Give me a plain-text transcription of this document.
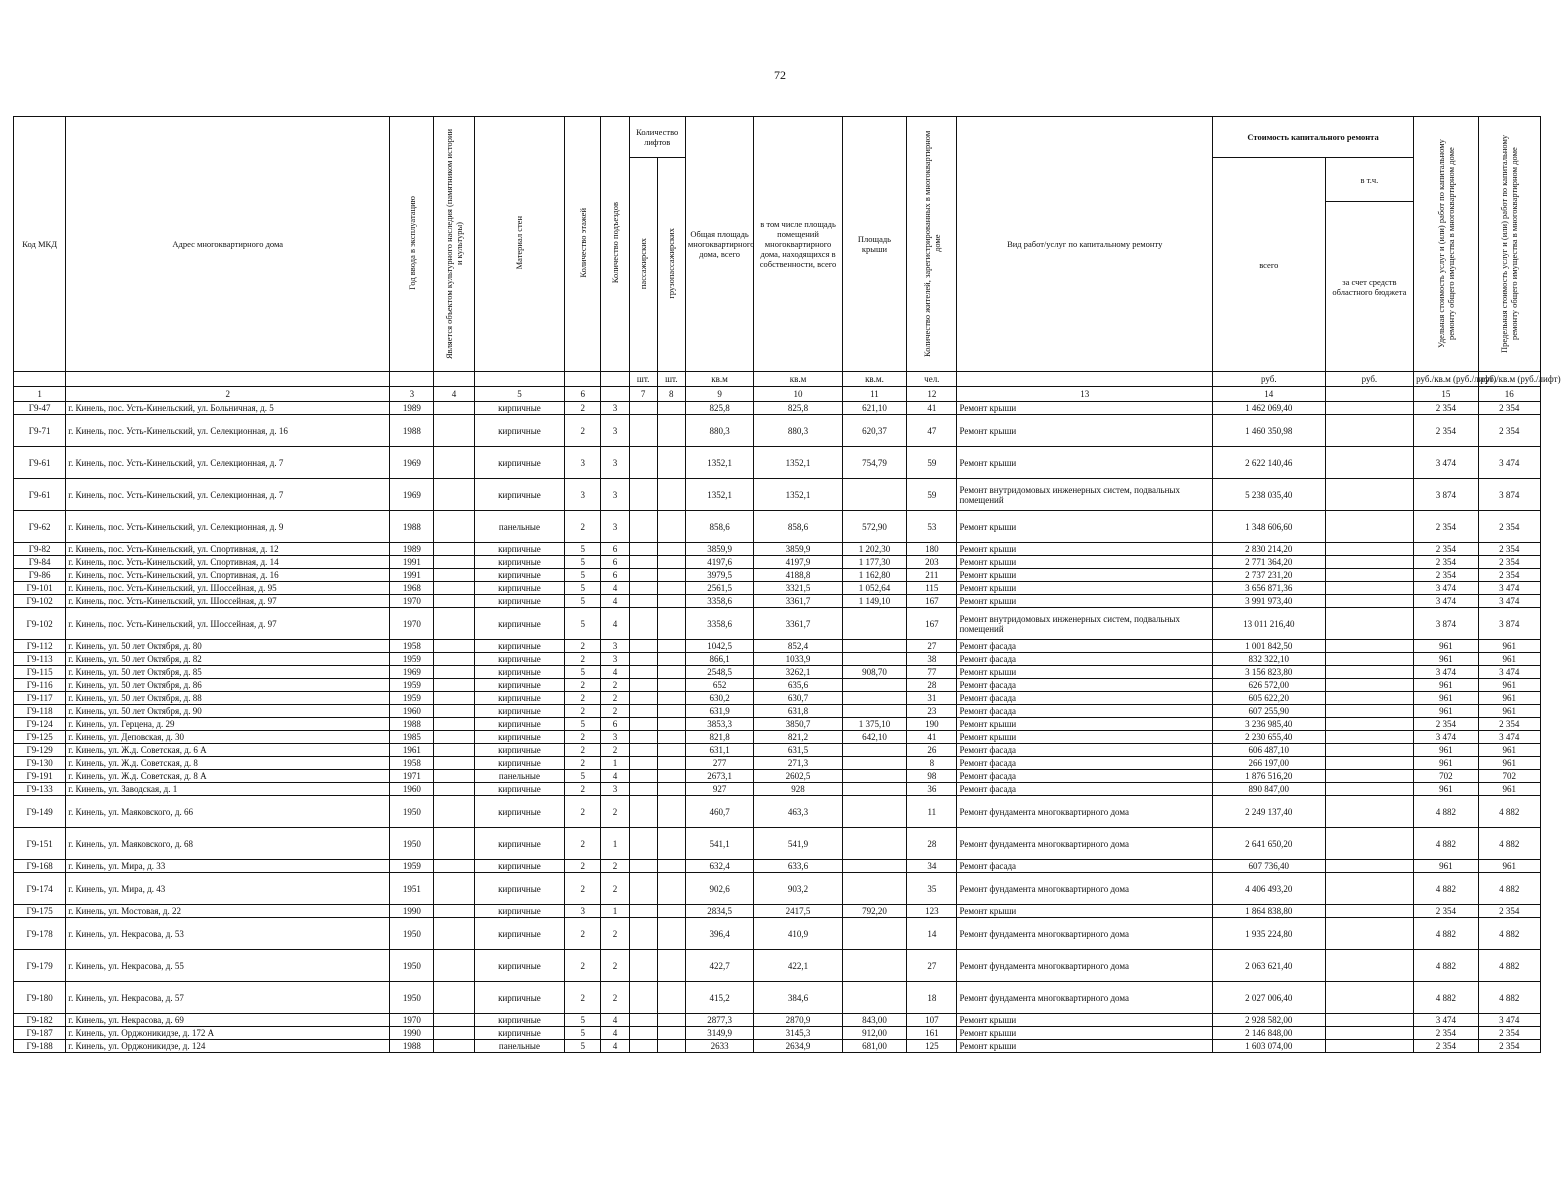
72
Код МКД	Адрес многоквартирного дома	Год ввода в эксплуатацию	Является объектом культурного наследия (памятником истории и культуры)	Материал стен	Количество этажей	Количество подъездов	Количество лифтов		Общая площадь многоквартирного дома, всего	в том числе площадь помещений многоквартирного дома, находящихся в собственности, всего	Площадь крыши	Количество жителей, зарегистрированных в многоквартирном доме	Вид работ/услуг по капитальному ремонту	Стоимость капитального ремонта		Удельная стоимость услуг и (или) работ по капитальному ремонту общего имущества в многоквартирном доме	Предельная стоимость услуг и (или) работ по капитальному ремонту общего имущества в многоквартирном доме
							пассажирских	грузопассажирских						всего	в т.ч.		
															за счет средств областного бюджета		
							шт.	шт.	кв.м	кв.м	кв.м.	чел.		руб.	руб.	руб./кв.м (руб./лифт)	руб./кв.м (руб./лифт)
1	2	3	4	5	6		7	8	9	10	11	12	13	14		15	16
Г9-47	г. Кинель, пос. Усть-Кинельский, ул. Больничная, д. 5	1989		кирпичные	2	3			825,8	825,8	621,10	41	Ремонт крыши	1 462 069,40		2 354	2 354
Г9-71	г. Кинель, пос. Усть-Кинельский, ул. Селекционная, д. 16	1988		кирпичные	2	3			880,3	880,3	620,37	47	Ремонт крыши	1 460 350,98		2 354	2 354
Г9-61	г. Кинель, пос. Усть-Кинельский, ул. Селекционная, д. 7	1969		кирпичные	3	3			1352,1	1352,1	754,79	59	Ремонт крыши	2 622 140,46		3 474	3 474
Г9-61	г. Кинель, пос. Усть-Кинельский, ул. Селекционная, д. 7	1969		кирпичные	3	3			1352,1	1352,1		59	Ремонт внутридомовых инженерных систем, подвальных помещений	5 238 035,40		3 874	3 874
Г9-62	г. Кинель, пос. Усть-Кинельский, ул. Селекционная, д. 9	1988		панельные	2	3			858,6	858,6	572,90	53	Ремонт крыши	1 348 606,60		2 354	2 354
Г9-82	г. Кинель, пос. Усть-Кинельский, ул. Спортивная, д. 12	1989		кирпичные	5	6			3859,9	3859,9	1 202,30	180	Ремонт крыши	2 830 214,20		2 354	2 354
Г9-84	г. Кинель, пос. Усть-Кинельский, ул. Спортивная, д. 14	1991		кирпичные	5	6			4197,6	4197,9	1 177,30	203	Ремонт крыши	2 771 364,20		2 354	2 354
Г9-86	г. Кинель, пос. Усть-Кинельский, ул. Спортивная, д. 16	1991		кирпичные	5	6			3979,5	4188,8	1 162,80	211	Ремонт крыши	2 737 231,20		2 354	2 354
Г9-101	г. Кинель, пос. Усть-Кинельский, ул. Шоссейная, д. 95	1968		кирпичные	5	4			2561,5	3321,5	1 052,64	115	Ремонт крыши	3 656 871,36		3 474	3 474
Г9-102	г. Кинель, пос. Усть-Кинельский, ул. Шоссейная, д. 97	1970		кирпичные	5	4			3358,6	3361,7	1 149,10	167	Ремонт крыши	3 991 973,40		3 474	3 474
Г9-102	г. Кинель, пос. Усть-Кинельский, ул. Шоссейная, д. 97	1970		кирпичные	5	4			3358,6	3361,7		167	Ремонт внутридомовых инженерных систем, подвальных помещений	13 011 216,40		3 874	3 874
Г9-112	г. Кинель, ул. 50 лет Октября, д. 80	1958		кирпичные	2	3			1042,5	852,4		27	Ремонт фасада	1 001 842,50		961	961
Г9-113	г. Кинель, ул. 50 лет Октября, д. 82	1959		кирпичные	2	3			866,1	1033,9		38	Ремонт фасада	832 322,10		961	961
Г9-115	г. Кинель, ул. 50 лет Октября, д. 85	1969		кирпичные	5	4			2548,5	3262,1	908,70	77	Ремонт крыши	3 156 823,80		3 474	3 474
Г9-116	г. Кинель, ул. 50 лет Октября, д. 86	1959		кирпичные	2	2			652	635,6		28	Ремонт фасада	626 572,00		961	961
Г9-117	г. Кинель, ул. 50 лет Октября, д. 88	1959		кирпичные	2	2			630,2	630,7		31	Ремонт фасада	605 622,20		961	961
Г9-118	г. Кинель, ул. 50 лет Октября, д. 90	1960		кирпичные	2	2			631,9	631,8		23	Ремонт фасада	607 255,90		961	961
Г9-124	г. Кинель, ул. Герцена, д. 29	1988		кирпичные	5	6			3853,3	3850,7	1 375,10	190	Ремонт крыши	3 236 985,40		2 354	2 354
Г9-125	г. Кинель, ул. Деповская, д. 30	1985		кирпичные	2	3			821,8	821,2	642,10	41	Ремонт крыши	2 230 655,40		3 474	3 474
Г9-129	г. Кинель, ул. Ж.д. Советская, д. 6 А	1961		кирпичные	2	2			631,1	631,5		26	Ремонт фасада	606 487,10		961	961
Г9-130	г. Кинель, ул. Ж.д. Советская, д. 8	1958		кирпичные	2	1			277	271,3		8	Ремонт фасада	266 197,00		961	961
Г9-191	г. Кинель, ул. Ж.д. Советская, д. 8 А	1971		панельные	5	4			2673,1	2602,5		98	Ремонт фасада	1 876 516,20		702	702
Г9-133	г. Кинель, ул. Заводская, д. 1	1960		кирпичные	2	3			927	928		36	Ремонт фасада	890 847,00		961	961
Г9-149	г. Кинель, ул. Маяковского, д. 66	1950		кирпичные	2	2			460,7	463,3		11	Ремонт фундамента многоквартирного дома	2 249 137,40		4 882	4 882
Г9-151	г. Кинель, ул. Маяковского, д. 68	1950		кирпичные	2	1			541,1	541,9		28	Ремонт фундамента многоквартирного дома	2 641 650,20		4 882	4 882
Г9-168	г. Кинель, ул. Мира, д. 33	1959		кирпичные	2	2			632,4	633,6		34	Ремонт фасада	607 736,40		961	961
Г9-174	г. Кинель, ул. Мира, д. 43	1951		кирпичные	2	2			902,6	903,2		35	Ремонт фундамента многоквартирного дома	4 406 493,20		4 882	4 882
Г9-175	г. Кинель, ул. Мостовая, д. 22	1990		кирпичные	3	1			2834,5	2417,5	792,20	123	Ремонт крыши	1 864 838,80		2 354	2 354
Г9-178	г. Кинель, ул. Некрасова, д. 53	1950		кирпичные	2	2			396,4	410,9		14	Ремонт фундамента многоквартирного дома	1 935 224,80		4 882	4 882
Г9-179	г. Кинель, ул. Некрасова, д. 55	1950		кирпичные	2	2			422,7	422,1		27	Ремонт фундамента многоквартирного дома	2 063 621,40		4 882	4 882
Г9-180	г. Кинель, ул. Некрасова, д. 57	1950		кирпичные	2	2			415,2	384,6		18	Ремонт фундамента многоквартирного дома	2 027 006,40		4 882	4 882
Г9-182	г. Кинель, ул. Некрасова, д. 69	1970		кирпичные	5	4			2877,3	2870,9	843,00	107	Ремонт крыши	2 928 582,00		3 474	3 474
Г9-187	г. Кинель, ул. Орджоникидзе, д. 172 А	1990		кирпичные	5	4			3149,9	3145,3	912,00	161	Ремонт крыши	2 146 848,00		2 354	2 354
Г9-188	г. Кинель, ул. Орджоникидзе, д. 124	1988		панельные	5	4			2633	2634,9	681,00	125	Ремонт крыши	1 603 074,00		2 354	2 354
